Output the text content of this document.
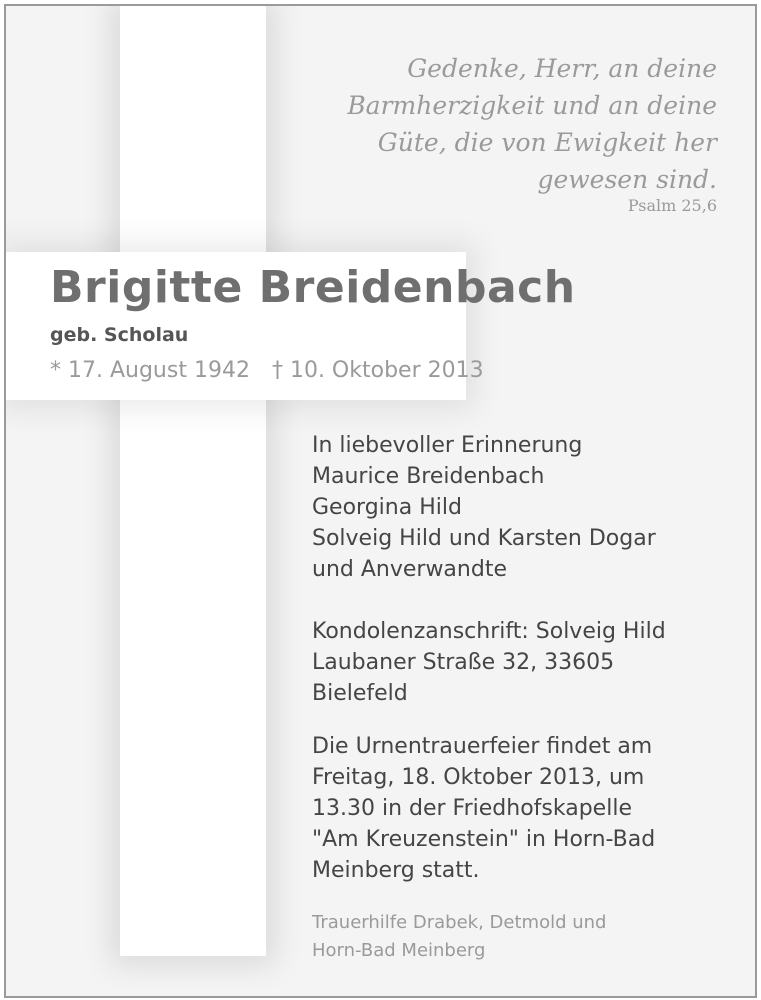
Gedenke, Herr, an deine
Barmherzigkeit und an deine
Güte, die von Ewigkeit her
gewesen sind.
Psalm 25,6
Brigitte Breidenbach
geb. Scholau
* 17. August 1942 † 10. Oktober 2013
In liebevoller Erinnerung
Maurice Breidenbach
Georgina Hild
Solveig Hild und Karsten Dogar
und Anverwandte
Kondolenzanschrift: Solveig Hild
Laubaner Straße 32, 33605
Bielefeld
Die Urnentrauerfeier findet am
Freitag, 18. Oktober 2013, um
13.30 in der Friedhofskapelle
"Am Kreuzenstein" in Horn-Bad
Meinberg statt.
Trauerhilfe Drabek, Detmold und
Horn-Bad Meinberg
